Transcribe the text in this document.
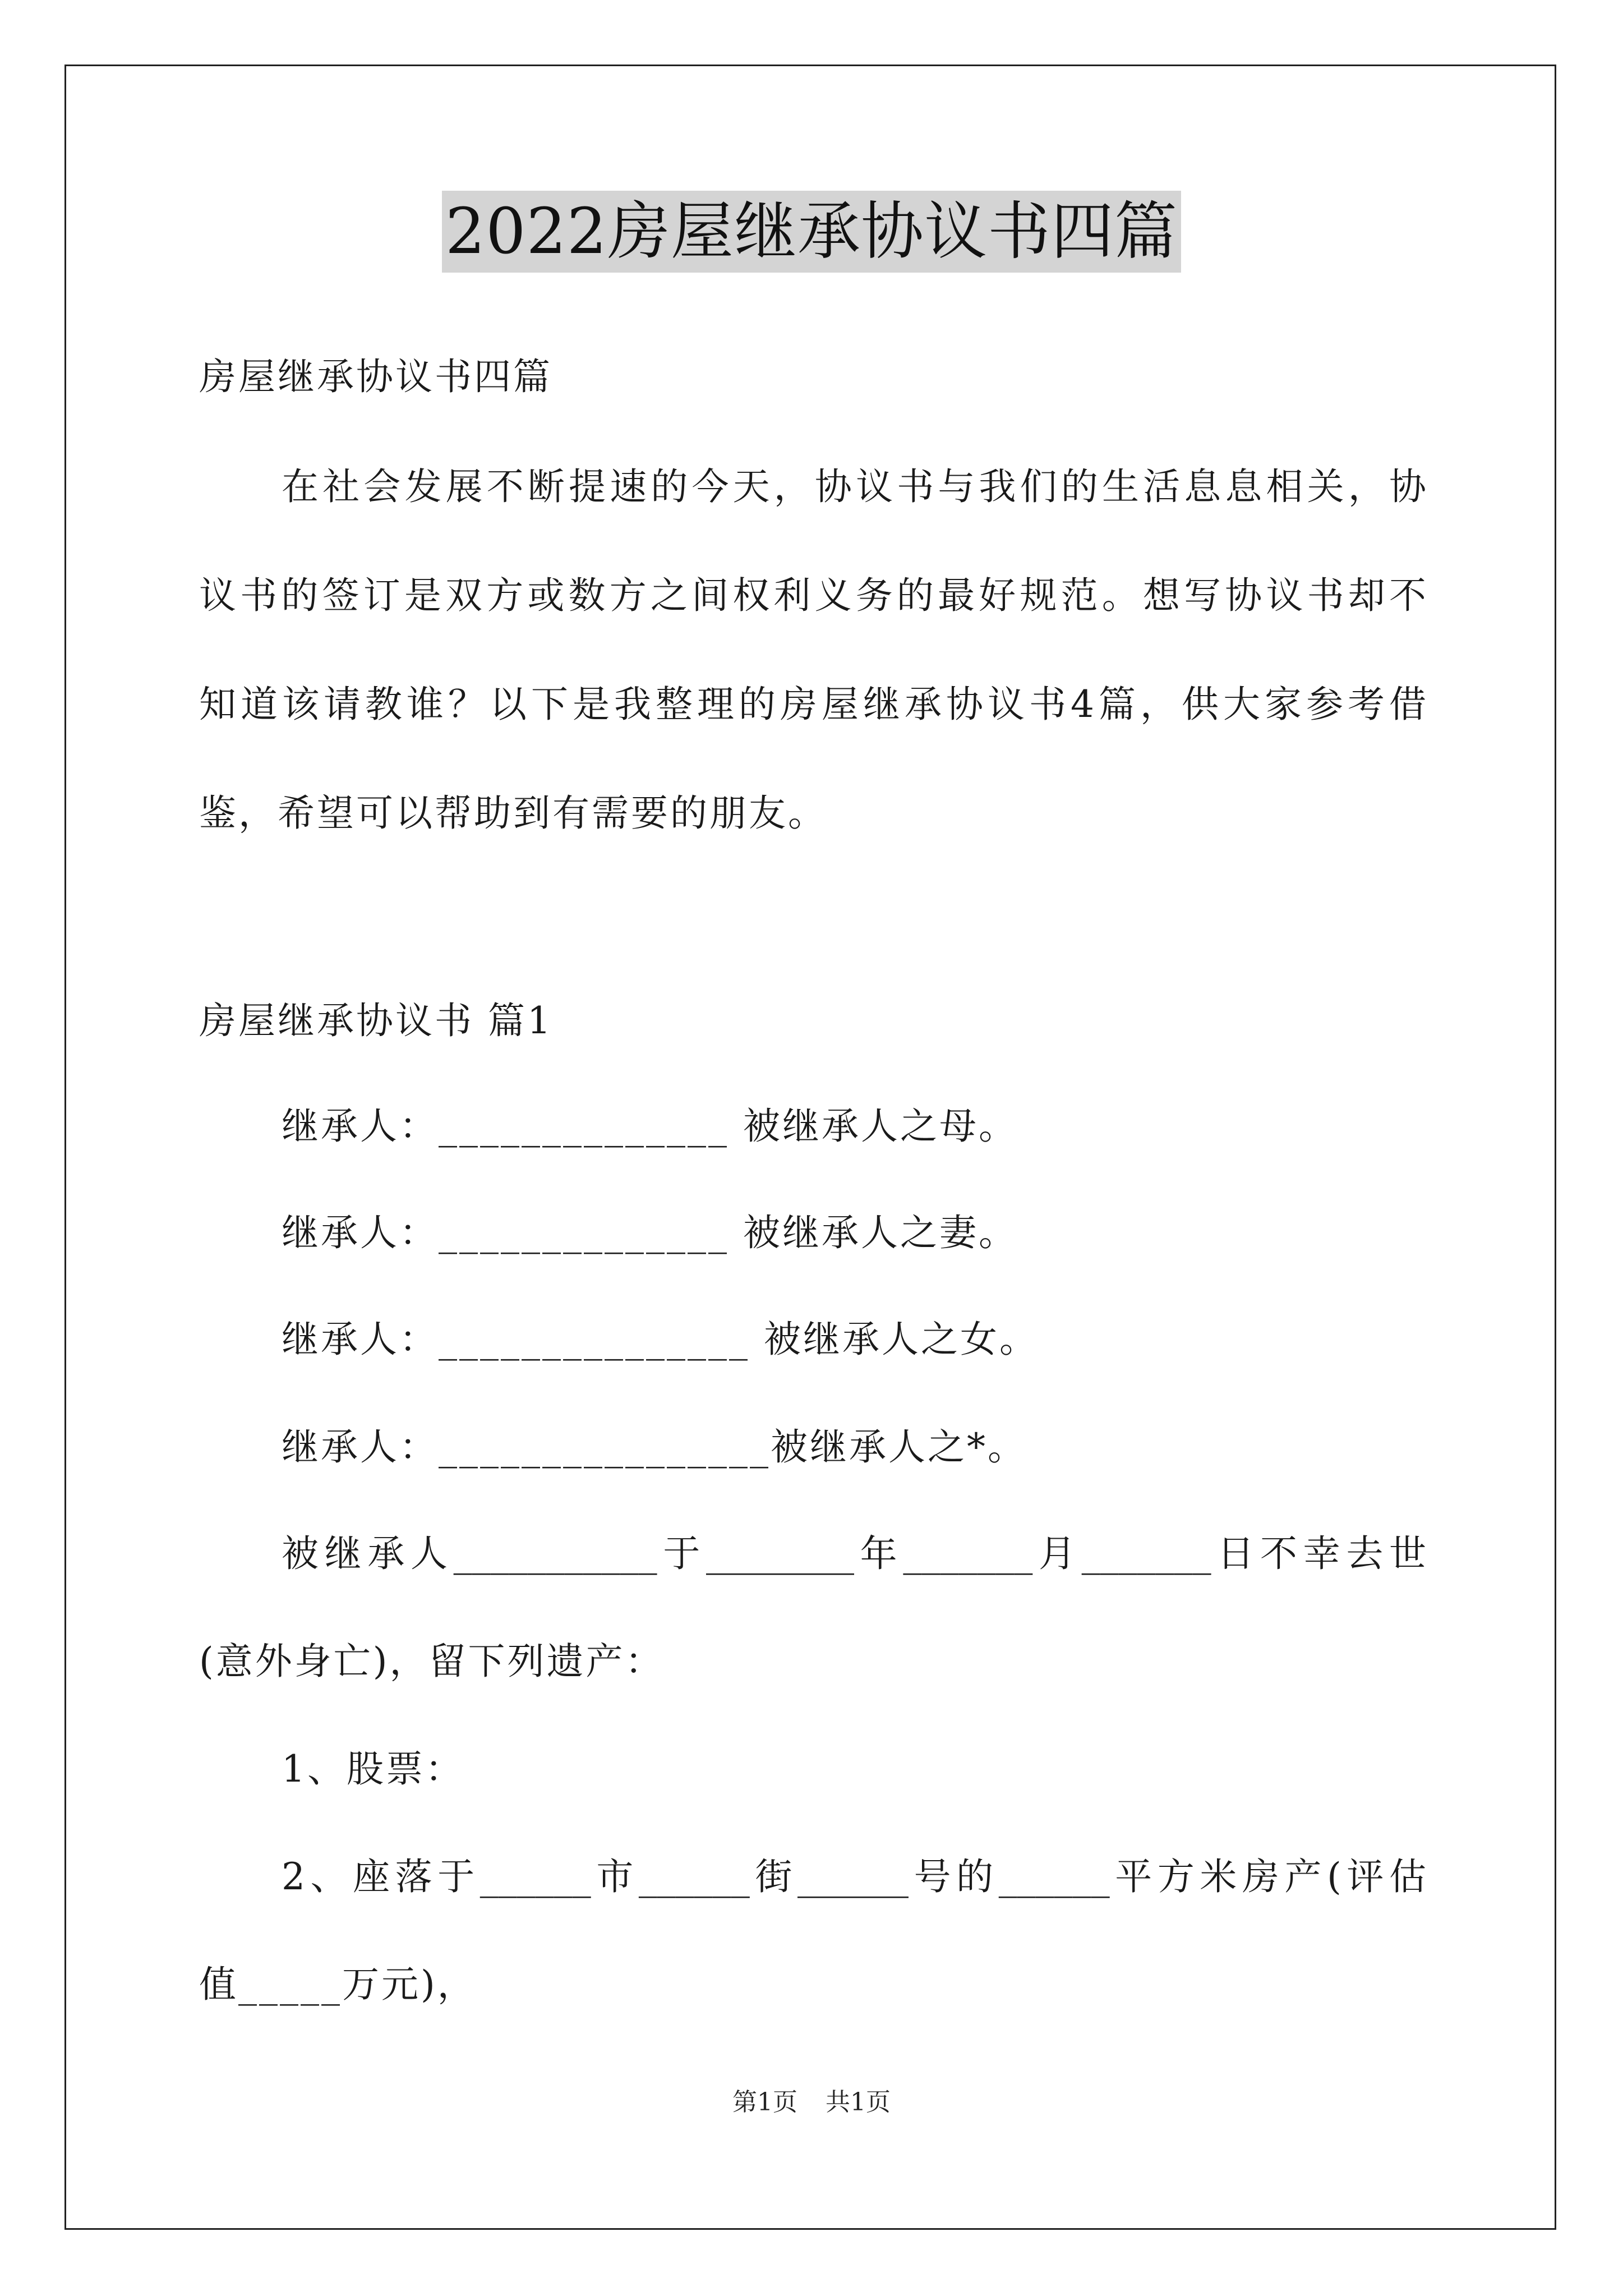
2022房屋继承协议书四篇
房屋继承协议书四篇
在社会发展不断提速的今天，协议书与我们的生活息息相关，协
议书的签订是双方或数方之间权利义务的最好规范。想写协议书却不
知道该请教谁？以下是我整理的房屋继承协议书4篇，供大家参考借
鉴，希望可以帮助到有需要的朋友。
房屋继承协议书 篇1
继承人：______________ 被继承人之母。
继承人：______________ 被继承人之妻。
继承人：_______________ 被继承人之女。
继承人：________________被继承人之*。
被继承人___________于________年_______月_______日不幸去世
(意外身亡)，留下列遗产：
1、股票：
2、座落于______市______街______号的______平方米房产(评估
值_____万元)，
第1页 共1页
